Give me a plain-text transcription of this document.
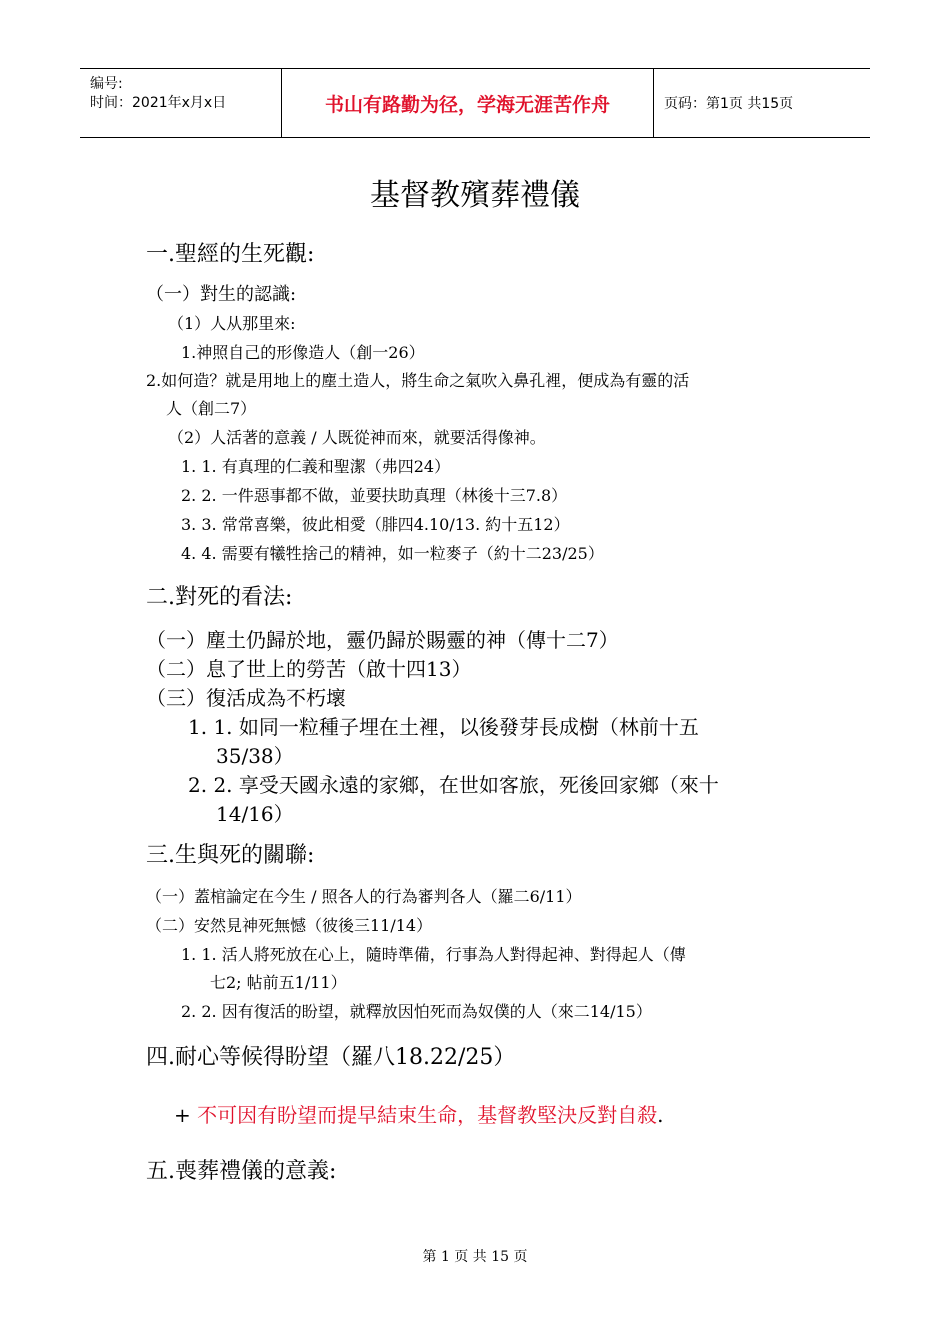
编号:
时间：2021年x月x日	书山有路勤为径，学海无涯苦作舟	页码：第1页 共15页
基督教殯葬禮儀
一.聖經的生死觀:
（一）對生的認識:
（1）人从那里來:
1.神照自己的形像造人（創一26）
2.如何造？就是用地上的塵土造人，將生命之氣吹入鼻孔裡，便成為有靈的活
人（創二7）
（2）人活著的意義 / 人既從神而來，就要活得像神。
1. 1. 有真理的仁義和聖潔（弗四24）
2. 2. 一件惡事都不做，並要扶助真理（林後十三7.8）
3. 3. 常常喜樂，彼此相愛（腓四4.10/13. 約十五12）
4. 4. 需要有犧牲捨己的精神，如一粒麥子（約十二23/25）
二.對死的看法:
（一）塵土仍歸於地，靈仍歸於賜靈的神（傳十二7）
（二）息了世上的勞苦（啟十四13）
（三）復活成為不朽壞
1. 1. 如同一粒種子埋在土裡，以後發芽長成樹（林前十五
35/38）
2. 2. 享受天國永遠的家鄉，在世如客旅，死後回家鄉（來十
14/16）
三.生與死的關聯:
（一）蓋棺論定在今生 / 照各人的行為審判各人（羅二6/11）
（二）安然見神死無憾（彼後三11/14）
1. 1. 活人將死放在心上，隨時準備，行事為人對得起神、對得起人（傳
七2; 帖前五1/11）
2. 2. 因有復活的盼望，就釋放因怕死而為奴僕的人（來二14/15）
四.耐心等候得盼望（羅八18.22/25）
+ 不可因有盼望而提早結束生命，基督教堅決反對自殺.
五.喪葬禮儀的意義:
第 1 页 共 15 页
